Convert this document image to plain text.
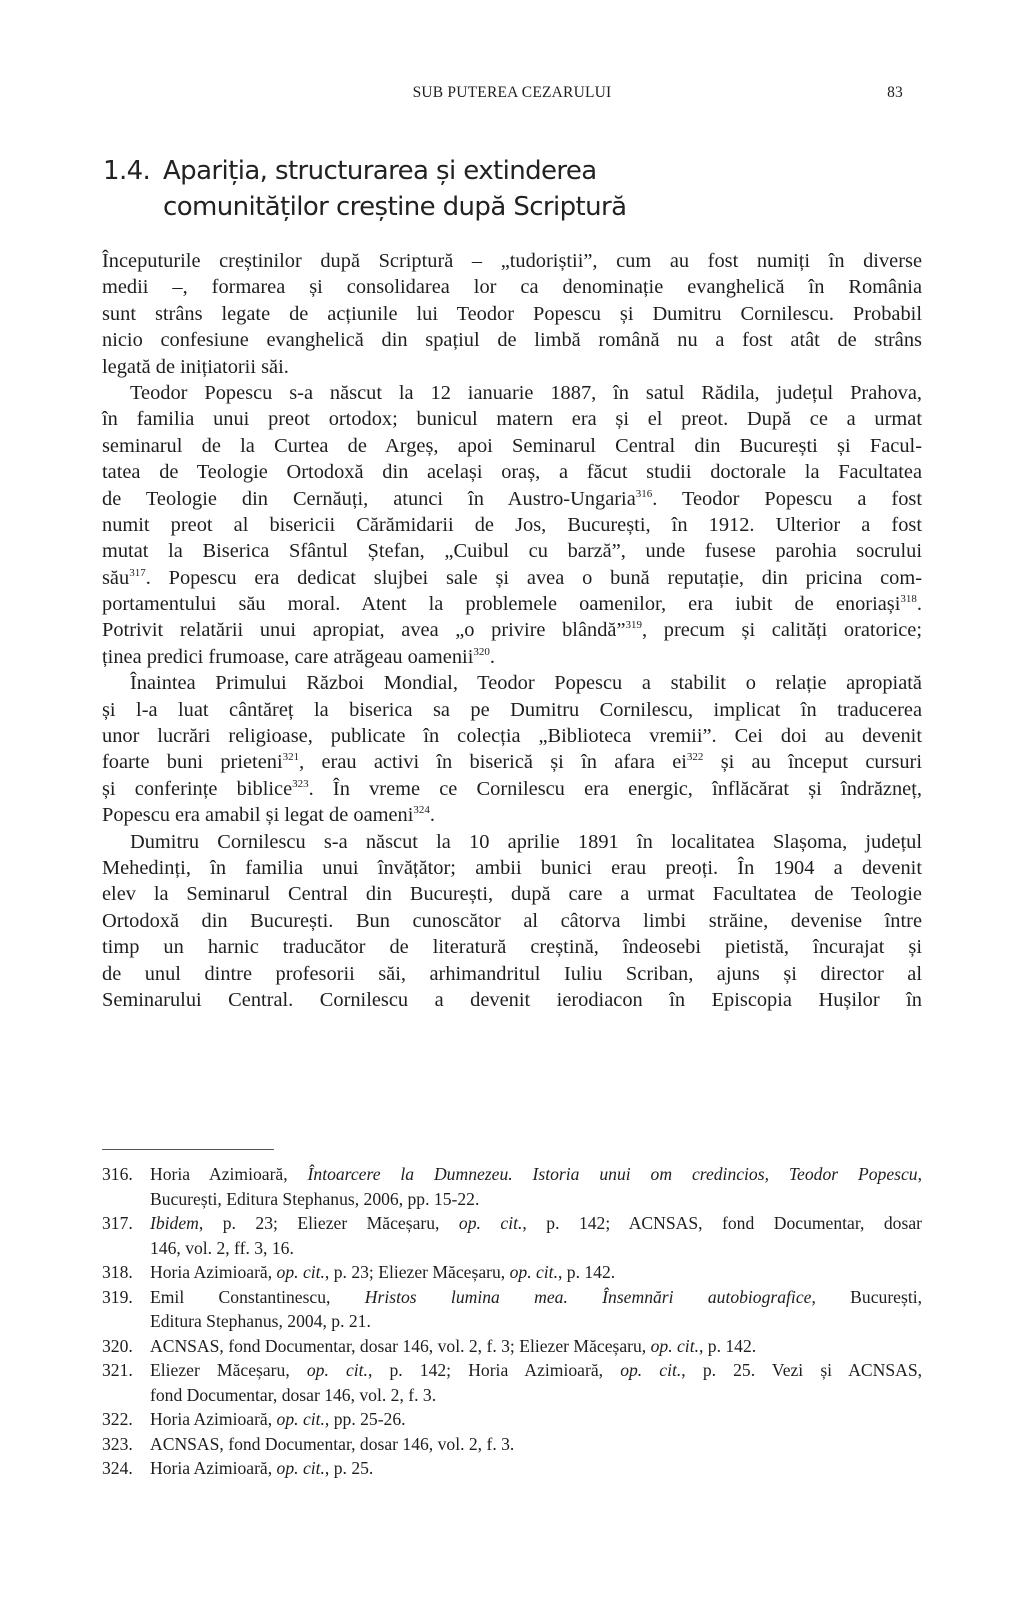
SUB PUTEREA CEZARULUI	83
1.4. Apariția, structurarea și extinderea
comunităților creștine după Scriptură
Începuturile creștinilor după Scriptură – „tudoriștii”, cum au fost numiți în diverse
medii –, formarea și consolidarea lor ca denominație evanghelică în România
sunt strâns legate de acțiunile lui Teodor Popescu și Dumitru Cornilescu. Probabil
nicio confesiune evanghelică din spațiul de limbă română nu a fost atât de strâns
legată de inițiatorii săi.
Teodor Popescu s-a născut la 12 ianuarie 1887, în satul Rădila, județul Prahova,
în familia unui preot ortodox; bunicul matern era și el preot. După ce a urmat
seminarul de la Curtea de Argeș, apoi Seminarul Central din București și Facul-
tatea de Teologie Ortodoxă din același oraș, a făcut studii doctorale la Facultatea
de Teologie din Cernăuți, atunci în Austro-Ungaria$^{316}$. Teodor Popescu a fost
numit preot al bisericii Cărămidarii de Jos, București, în 1912. Ulterior a fost
mutat la Biserica Sfântul Ștefan, „Cuibul cu barză”, unde fusese parohia socrului
său$^{317}$. Popescu era dedicat slujbei sale și avea o bună reputație, din pricina com-
portamentului său moral. Atent la problemele oamenilor, era iubit de enoriași$^{318}$.
Potrivit relatării unui apropiat, avea „o privire blândă”$^{319}$, precum și calități oratorice;
ținea predici frumoase, care atrăgeau oamenii$^{320}$.
Înaintea Primului Război Mondial, Teodor Popescu a stabilit o relație apropiată
și l-a luat cântăreț la biserica sa pe Dumitru Cornilescu, implicat în traducerea
unor lucrări religioase, publicate în colecția „Biblioteca vremii”. Cei doi au devenit
foarte buni prieteni$^{321}$, erau activi în biserică și în afara $ei^{322}$ și au început cursuri
și conferințe biblice$^{323}$. În vreme ce Cornilescu era energic, înflăcărat și îndrăzneț,
Popescu era amabil și legat de oameni$^{324}$.
Dumitru Cornilescu s-a născut la 10 aprilie 1891 în localitatea Slașoma, județul
Mehedinți, în familia unui învățător; ambii bunici erau preoți. În 1904 a devenit
elev la Seminarul Central din București, după care a urmat Facultatea de Teologie
Ortodoxă din București. Bun cunoscător al câtorva limbi străine, devenise între
timp un harnic traducător de literatură creștină, îndeosebi pietistă, încurajat și
de unul dintre profesorii săi, arhimandritul Iuliu Scriban, ajuns și director al
Seminarului Central. Cornilescu a devenit ierodiacon în Episcopia Hușilor în
316. Horia Azimioară, Întoarcere la Dumnezeu. Istoria unui om credincios, Teodor Popescu,
București, Editura Stephanus, 2006, pp. 15-22.
317. Ibidem, p. 23; Eliezer Măceșaru, op. cit., p. 142; ACNSAS, fond Documentar, dosar
146, vol. 2, ff. 3, 16.
318. Horia Azimioară, op. cit., p. 23; Eliezer Măceșaru, op. cit., p. 142.
319. Emil Constantinescu, Hristos lumina mea. Însemnări autobiografice, București,
Editura Stephanus, 2004, p. 21.
320. ACNSAS, fond Documentar, dosar 146, vol. 2, f. 3; Eliezer Măceșaru, op. cit., p. 142.
321. Eliezer Măceșaru, op. cit., p. 142; Horia Azimioară, op. cit., p. 25. Vezi și ACNSAS,
fond Documentar, dosar 146, vol. 2, f. 3.
322. Horia Azimioară, op. cit., pp. 25-26.
323. ACNSAS, fond Documentar, dosar 146, vol. 2, f. 3.
324. Horia Azimioară, op. cit., p. 25.
